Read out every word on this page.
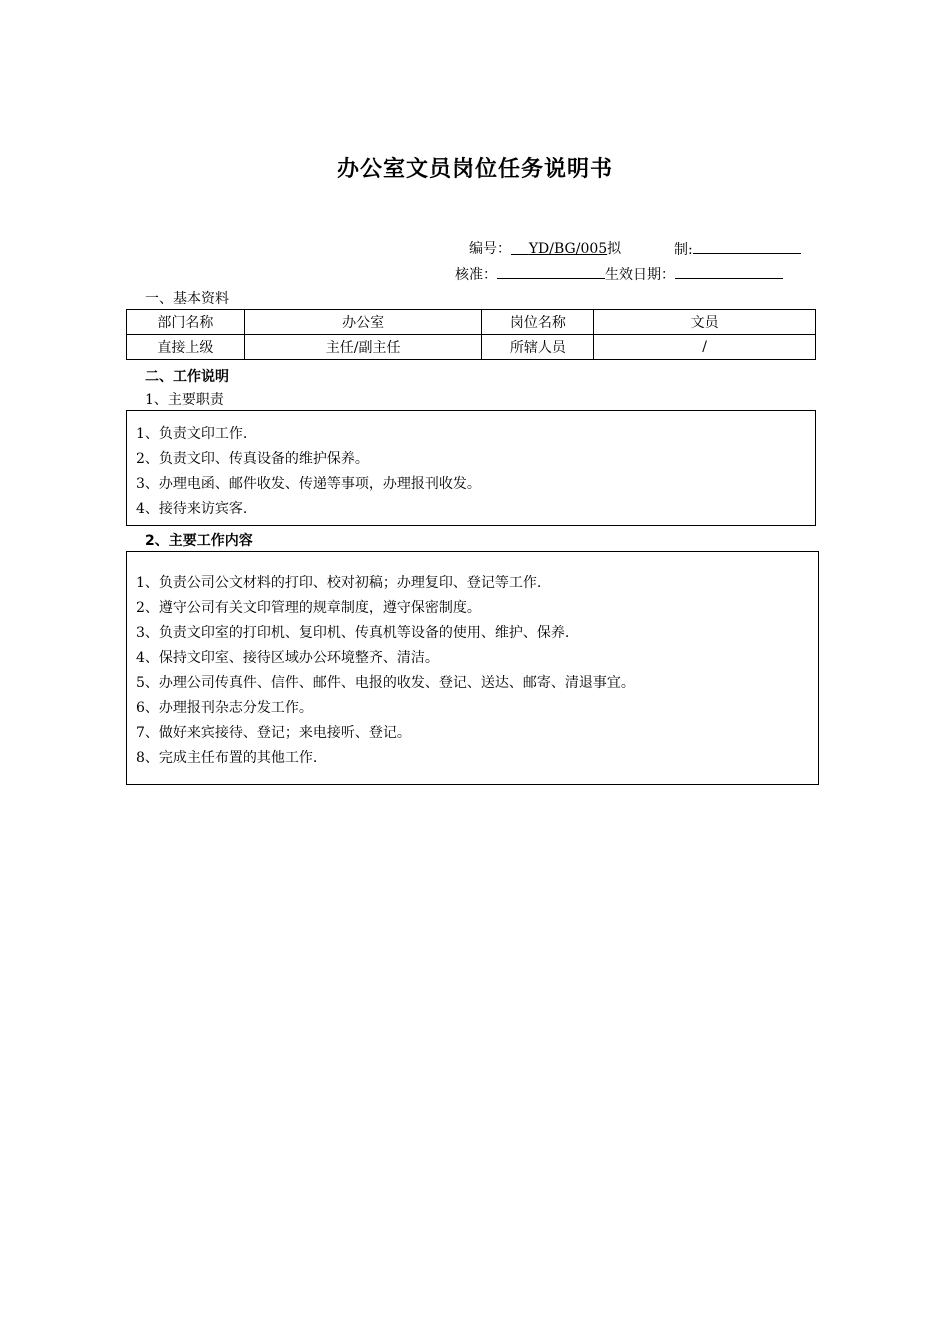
办公室文员岗位任务说明书
编号： YD/BG/005拟	制:
核准：	生效日期：
一、基本资料
部门名称	办公室	岗位名称	文员
直接上级	主任/副主任	所辖人员	/
二、工作说明
1、主要职责
1、负责文印工作.
2、负责文印、传真设备的维护保养。
3、办理电函、邮件收发、传递等事项，办理报刊收发。
4、接待来访宾客.
2、主要工作内容
1、负责公司公文材料的打印、校对初稿；办理复印、登记等工作.
2、遵守公司有关文印管理的规章制度，遵守保密制度。
3、负责文印室的打印机、复印机、传真机等设备的使用、维护、保养.
4、保持文印室、接待区域办公环境整齐、清洁。
5、办理公司传真件、信件、邮件、电报的收发、登记、送达、邮寄、清退事宜。
6、办理报刊杂志分发工作。
7、做好来宾接待、登记；来电接听、登记。
8、完成主任布置的其他工作.
